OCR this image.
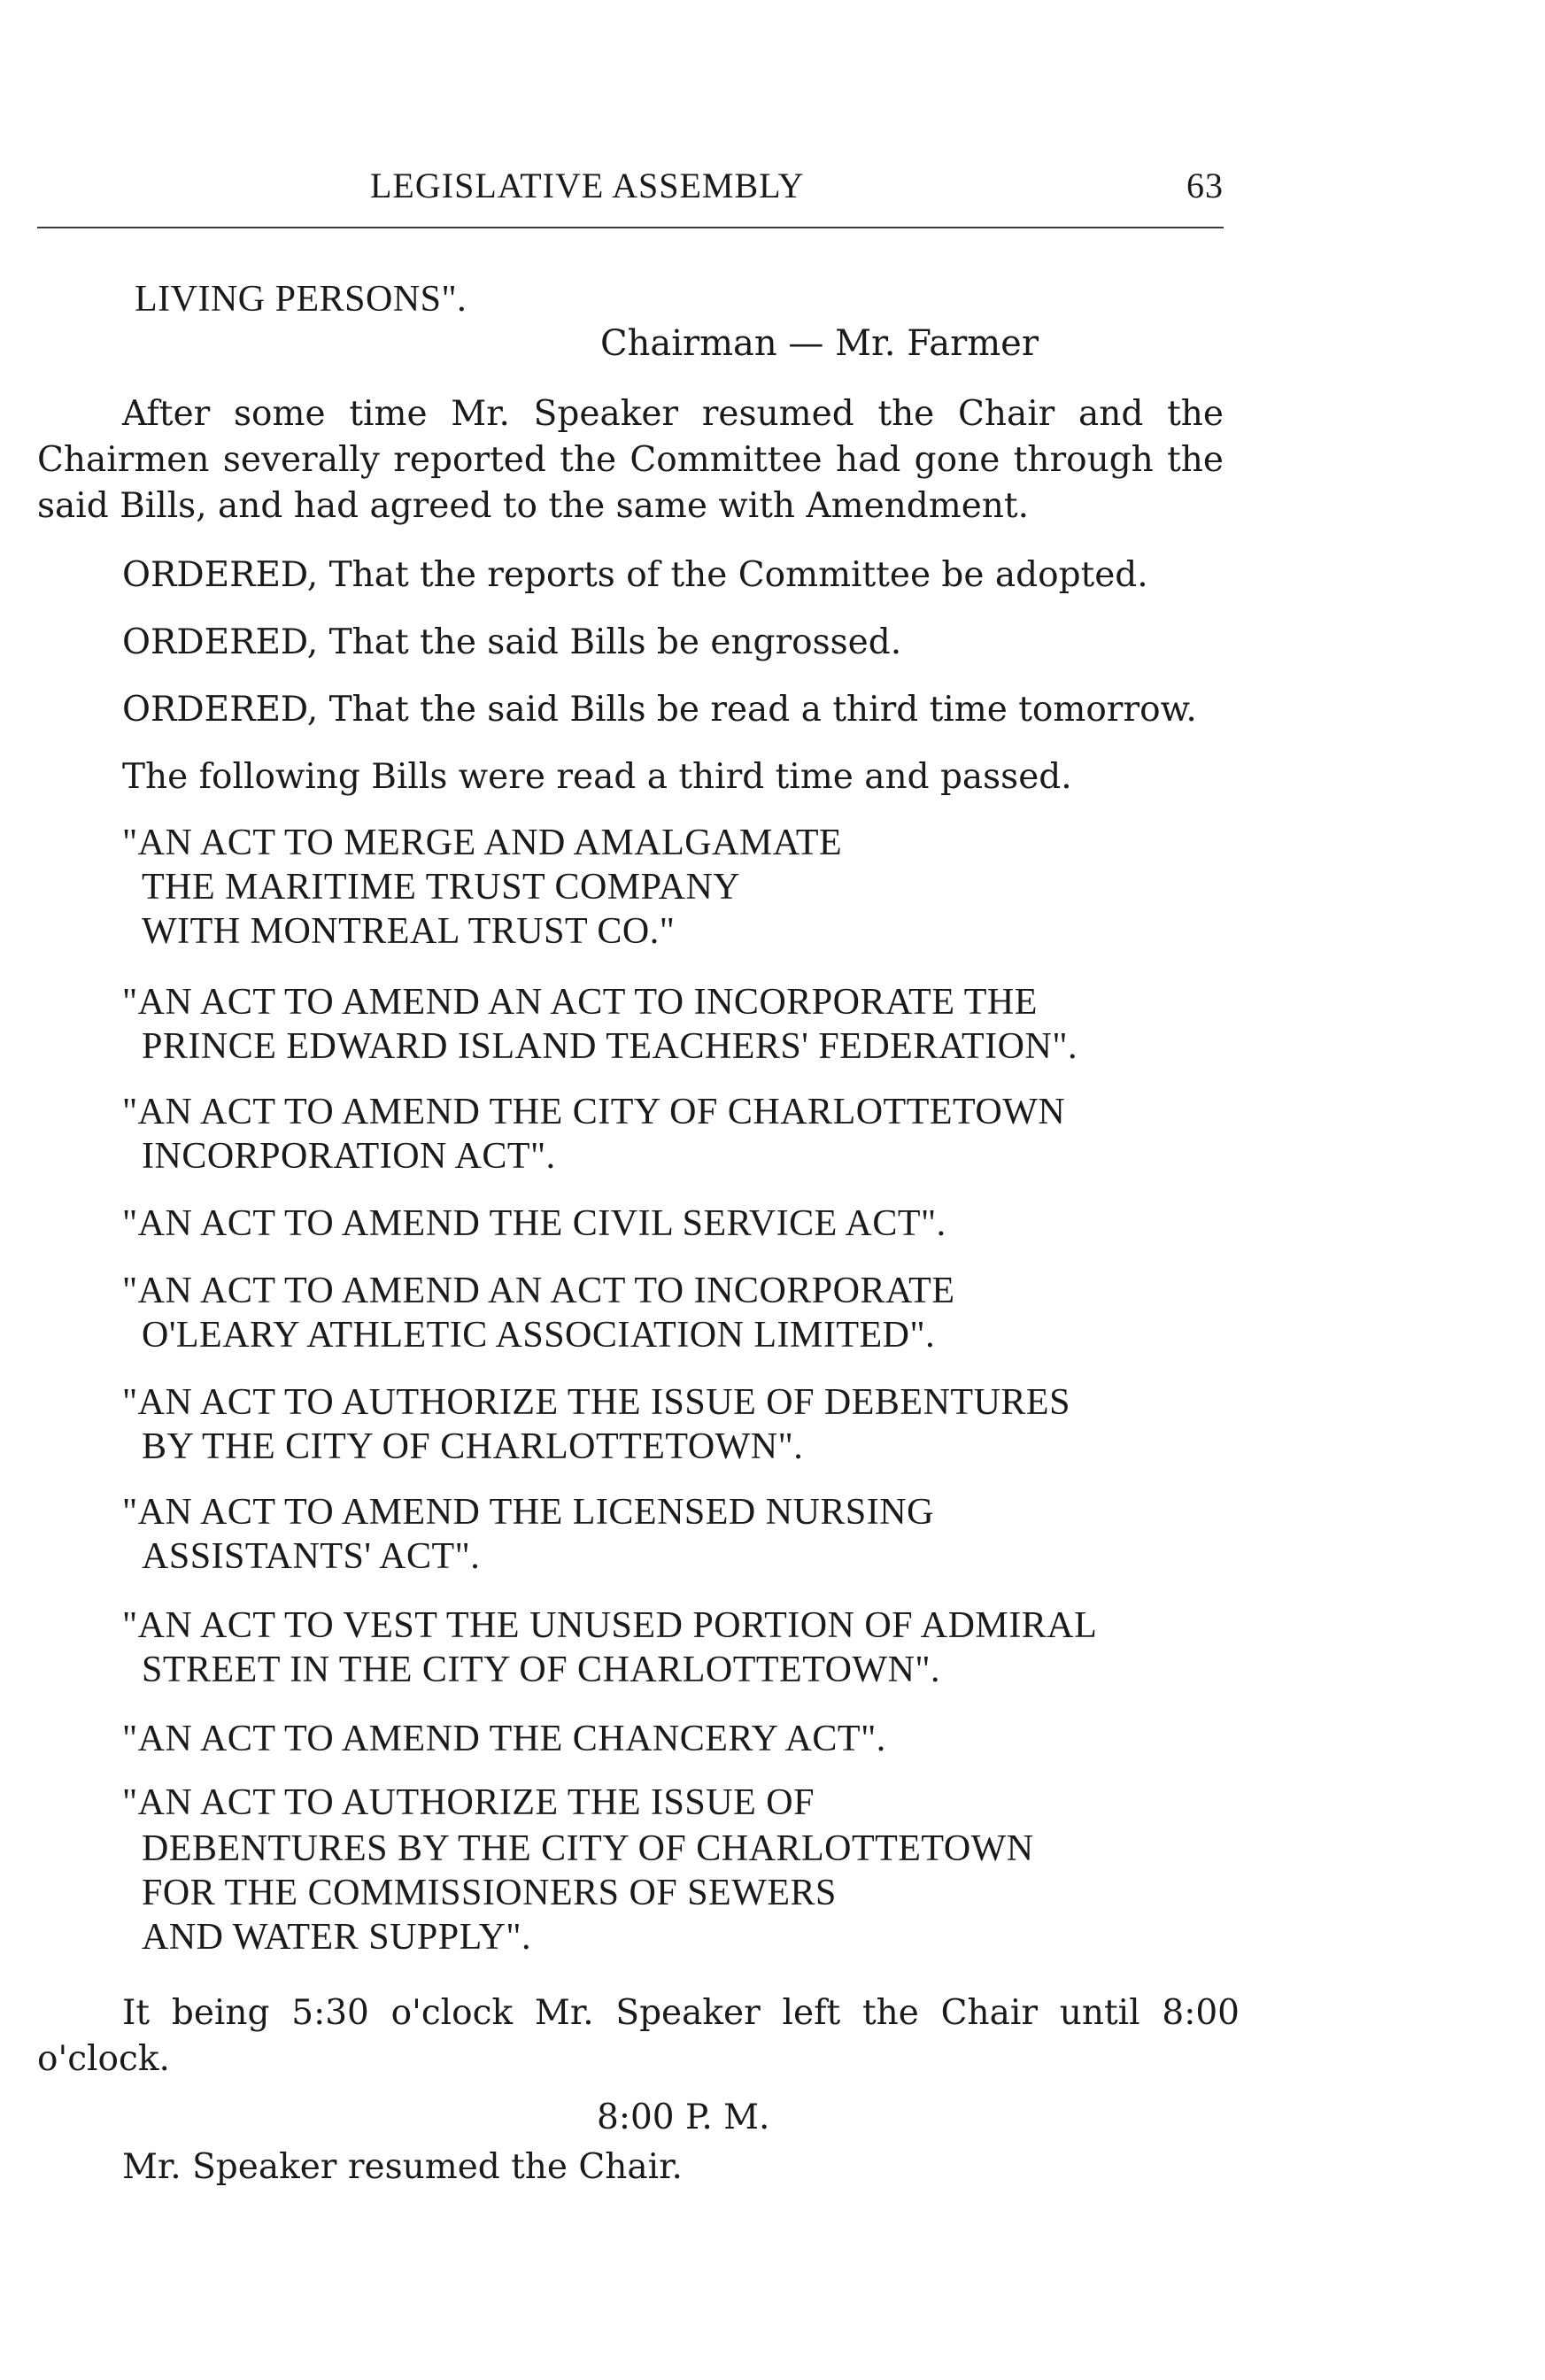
LEGISLATIVE ASSEMBLY	63
LIVING PERSONS".
Chairman — Mr. Farmer
After some time Mr. Speaker resumed the Chair and the
Chairmen severally reported the Committee had gone through the
said Bills, and had agreed to the same with Amendment.
ORDERED, That the reports of the Committee be adopted.
ORDERED, That the said Bills be engrossed.
ORDERED, That the said Bills be read a third time tomorrow.
The following Bills were read a third time and passed.
"AN ACT TO MERGE AND AMALGAMATE
THE MARITIME TRUST COMPANY
WITH MONTREAL TRUST CO."
"AN ACT TO AMEND AN ACT TO INCORPORATE THE
PRINCE EDWARD ISLAND TEACHERS' FEDERATION".
"AN ACT TO AMEND THE CITY OF CHARLOTTETOWN
INCORPORATION ACT".
"AN ACT TO AMEND THE CIVIL SERVICE ACT".
"AN ACT TO AMEND AN ACT TO INCORPORATE
O'LEARY ATHLETIC ASSOCIATION LIMITED".
"AN ACT TO AUTHORIZE THE ISSUE OF DEBENTURES
BY THE CITY OF CHARLOTTETOWN".
"AN ACT TO AMEND THE LICENSED NURSING
ASSISTANTS' ACT".
"AN ACT TO VEST THE UNUSED PORTION OF ADMIRAL
STREET IN THE CITY OF CHARLOTTETOWN".
"AN ACT TO AMEND THE CHANCERY ACT".
"AN ACT TO AUTHORIZE THE ISSUE OF
DEBENTURES BY THE CITY OF CHARLOTTETOWN
FOR THE COMMISSIONERS OF SEWERS
AND WATER SUPPLY".
It being 5:30 o'clock Mr. Speaker left the Chair until 8:00
o'clock.
8:00 P. M.
Mr. Speaker resumed the Chair.
